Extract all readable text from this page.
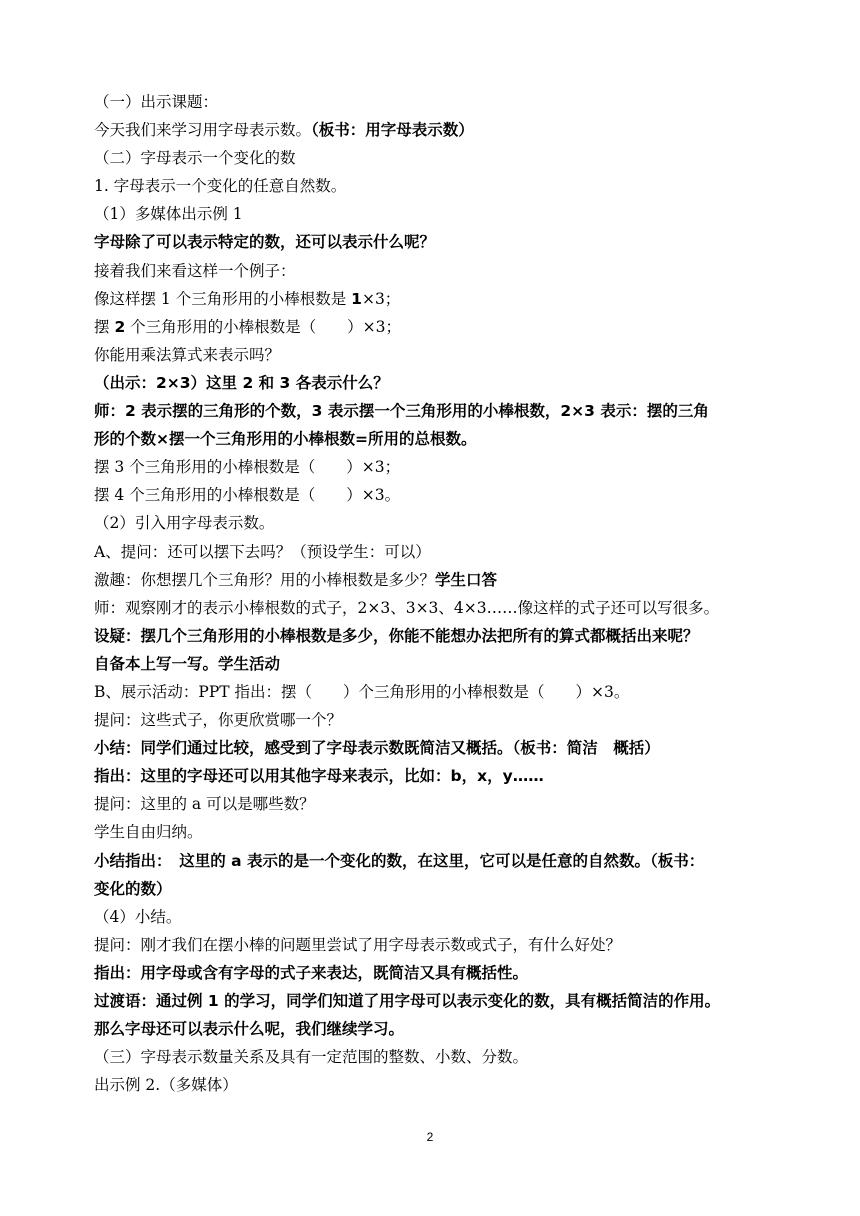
（一）出示课题：
今天我们来学习用字母表示数。（板书：用字母表示数）
（二）字母表示一个变化的数
1. 字母表示一个变化的任意自然数。
（1）多媒体出示例 1
字母除了可以表示特定的数，还可以表示什么呢？
接着我们来看这样一个例子：
像这样摆 1 个三角形用的小棒根数是 1×3；
摆 2 个三角形用的小棒根数是（　　）×3；
你能用乘法算式来表示吗？
（出示：2×3）这里 2 和 3 各表示什么？
师：2 表示摆的三角形的个数，3 表示摆一个三角形用的小棒根数，2×3 表示：摆的三角
形的个数×摆一个三角形用的小棒根数=所用的总根数。
摆 3 个三角形用的小棒根数是（　　）×3；
摆 4 个三角形用的小棒根数是（　　）×3。
（2）引入用字母表示数。
A、提问：还可以摆下去吗？（预设学生：可以）
激趣：你想摆几个三角形？用的小棒根数是多少？学生口答
师：观察刚才的表示小棒根数的式子，2×3、3×3、4×3……像这样的式子还可以写很多。
设疑：摆几个三角形用的小棒根数是多少，你能不能想办法把所有的算式都概括出来呢？
自备本上写一写。学生活动
B、展示活动：PPT 指出：摆（　　）个三角形用的小棒根数是（　　）×3。
提问：这些式子，你更欣赏哪一个？
小结：同学们通过比较，感受到了字母表示数既简洁又概括。（板书：简洁　概括）
指出：这里的字母还可以用其他字母来表示，比如：b，x，y……
提问：这里的 a 可以是哪些数？
学生自由归纳。
小结指出：　这里的 a 表示的是一个变化的数，在这里，它可以是任意的自然数。（板书：
变化的数）
（4）小结。
提问：刚才我们在摆小棒的问题里尝试了用字母表示数或式子，有什么好处？
指出：用字母或含有字母的式子来表达，既简洁又具有概括性。
过渡语：通过例 1 的学习，同学们知道了用字母可以表示变化的数，具有概括简洁的作用。
那么字母还可以表示什么呢，我们继续学习。
（三）字母表示数量关系及具有一定范围的整数、小数、分数。
出示例 2.（多媒体）
2
